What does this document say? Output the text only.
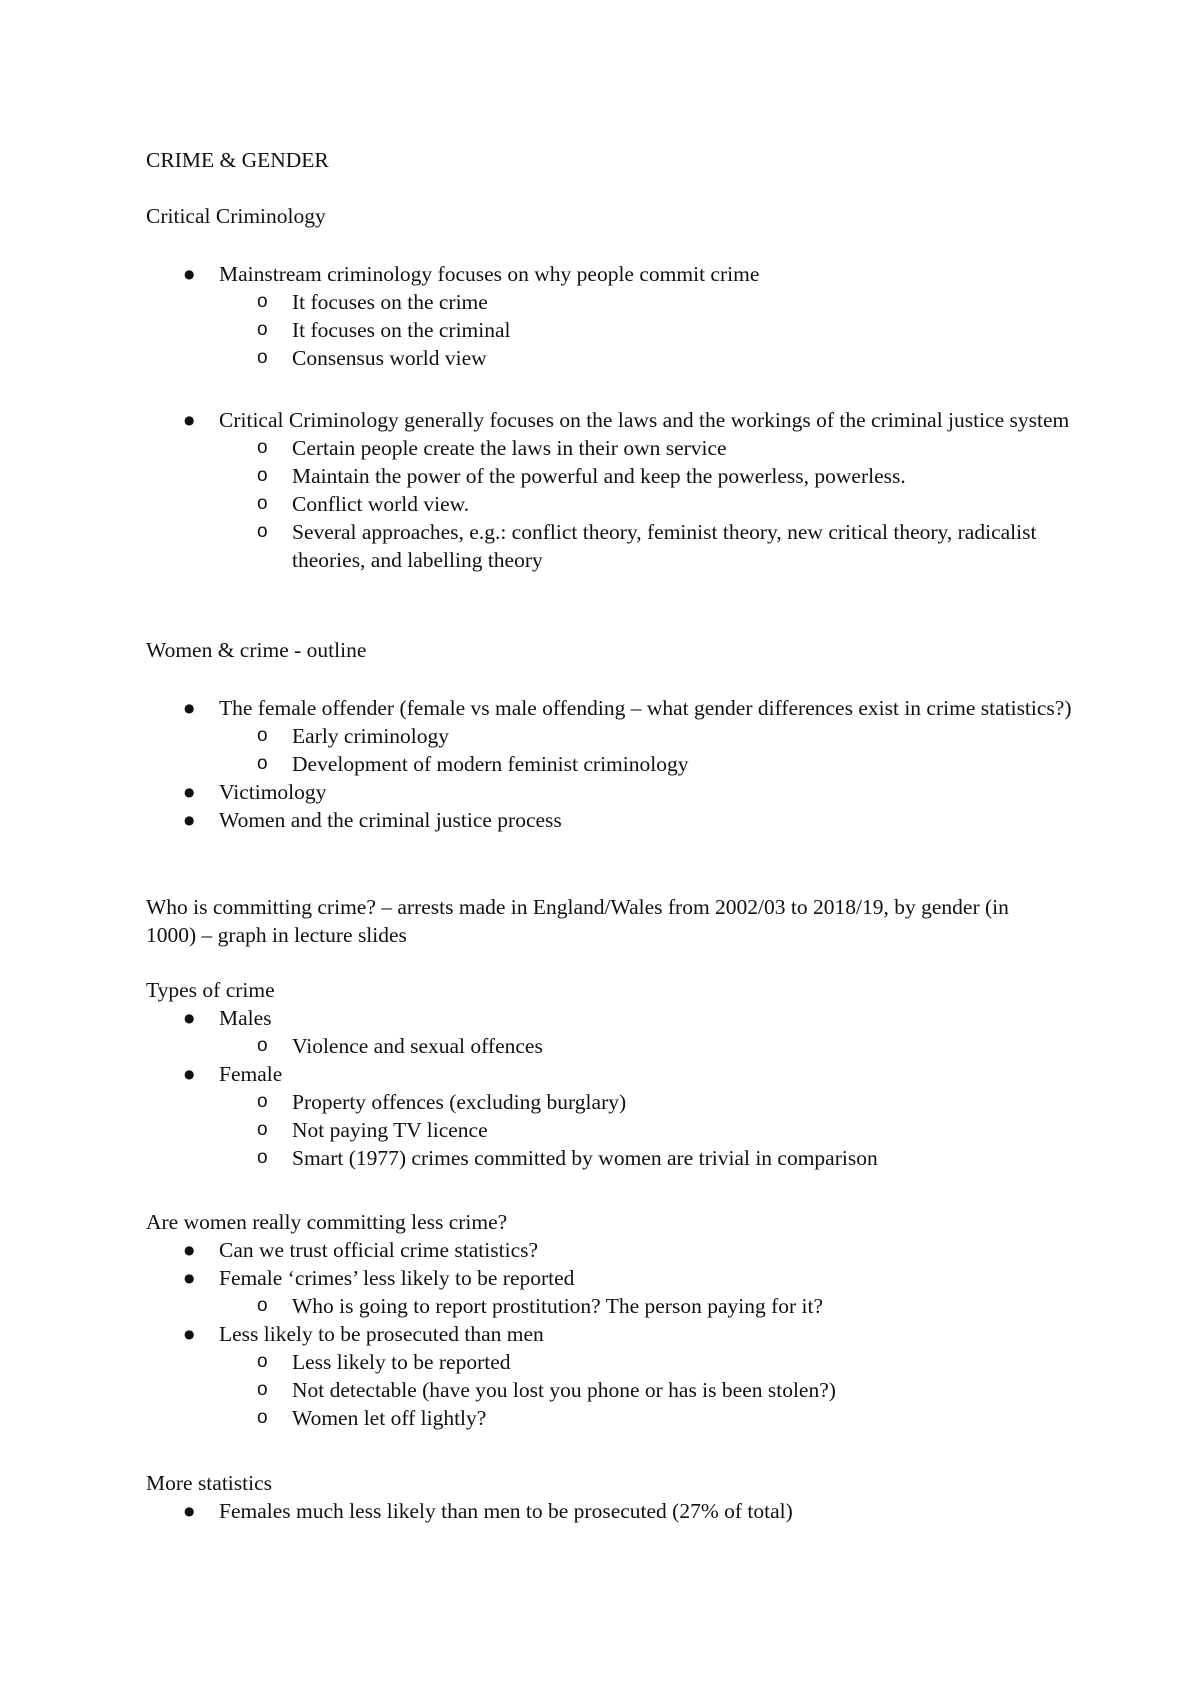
CRIME & GENDER
Critical Criminology
● Mainstream criminology focuses on why people commit crime
o It focuses on the crime
o It focuses on the criminal
o Consensus world view
● Critical Criminology generally focuses on the laws and the workings of the criminal justice system
o Certain people create the laws in their own service
o Maintain the power of the powerful and keep the powerless, powerless.
o Conflict world view.
o Several approaches, e.g.: conflict theory, feminist theory, new critical theory, radicalist theories, and labelling theory
Women & crime - outline
● The female offender (female vs male offending – what gender differences exist in crime statistics?)
o Early criminology
o Development of modern feminist criminology
● Victimology
● Women and the criminal justice process
Who is committing crime? – arrests made in England/Wales from 2002/03 to 2018/19, by gender (in 1000) – graph in lecture slides
Types of crime
● Males
o Violence and sexual offences
● Female
o Property offences (excluding burglary)
o Not paying TV licence
o Smart (1977) crimes committed by women are trivial in comparison
Are women really committing less crime?
● Can we trust official crime statistics?
● Female ‘crimes’ less likely to be reported
o Who is going to report prostitution? The person paying for it?
● Less likely to be prosecuted than men
o Less likely to be reported
o Not detectable (have you lost you phone or has is been stolen?)
o Women let off lightly?
More statistics
● Females much less likely than men to be prosecuted (27% of total)
